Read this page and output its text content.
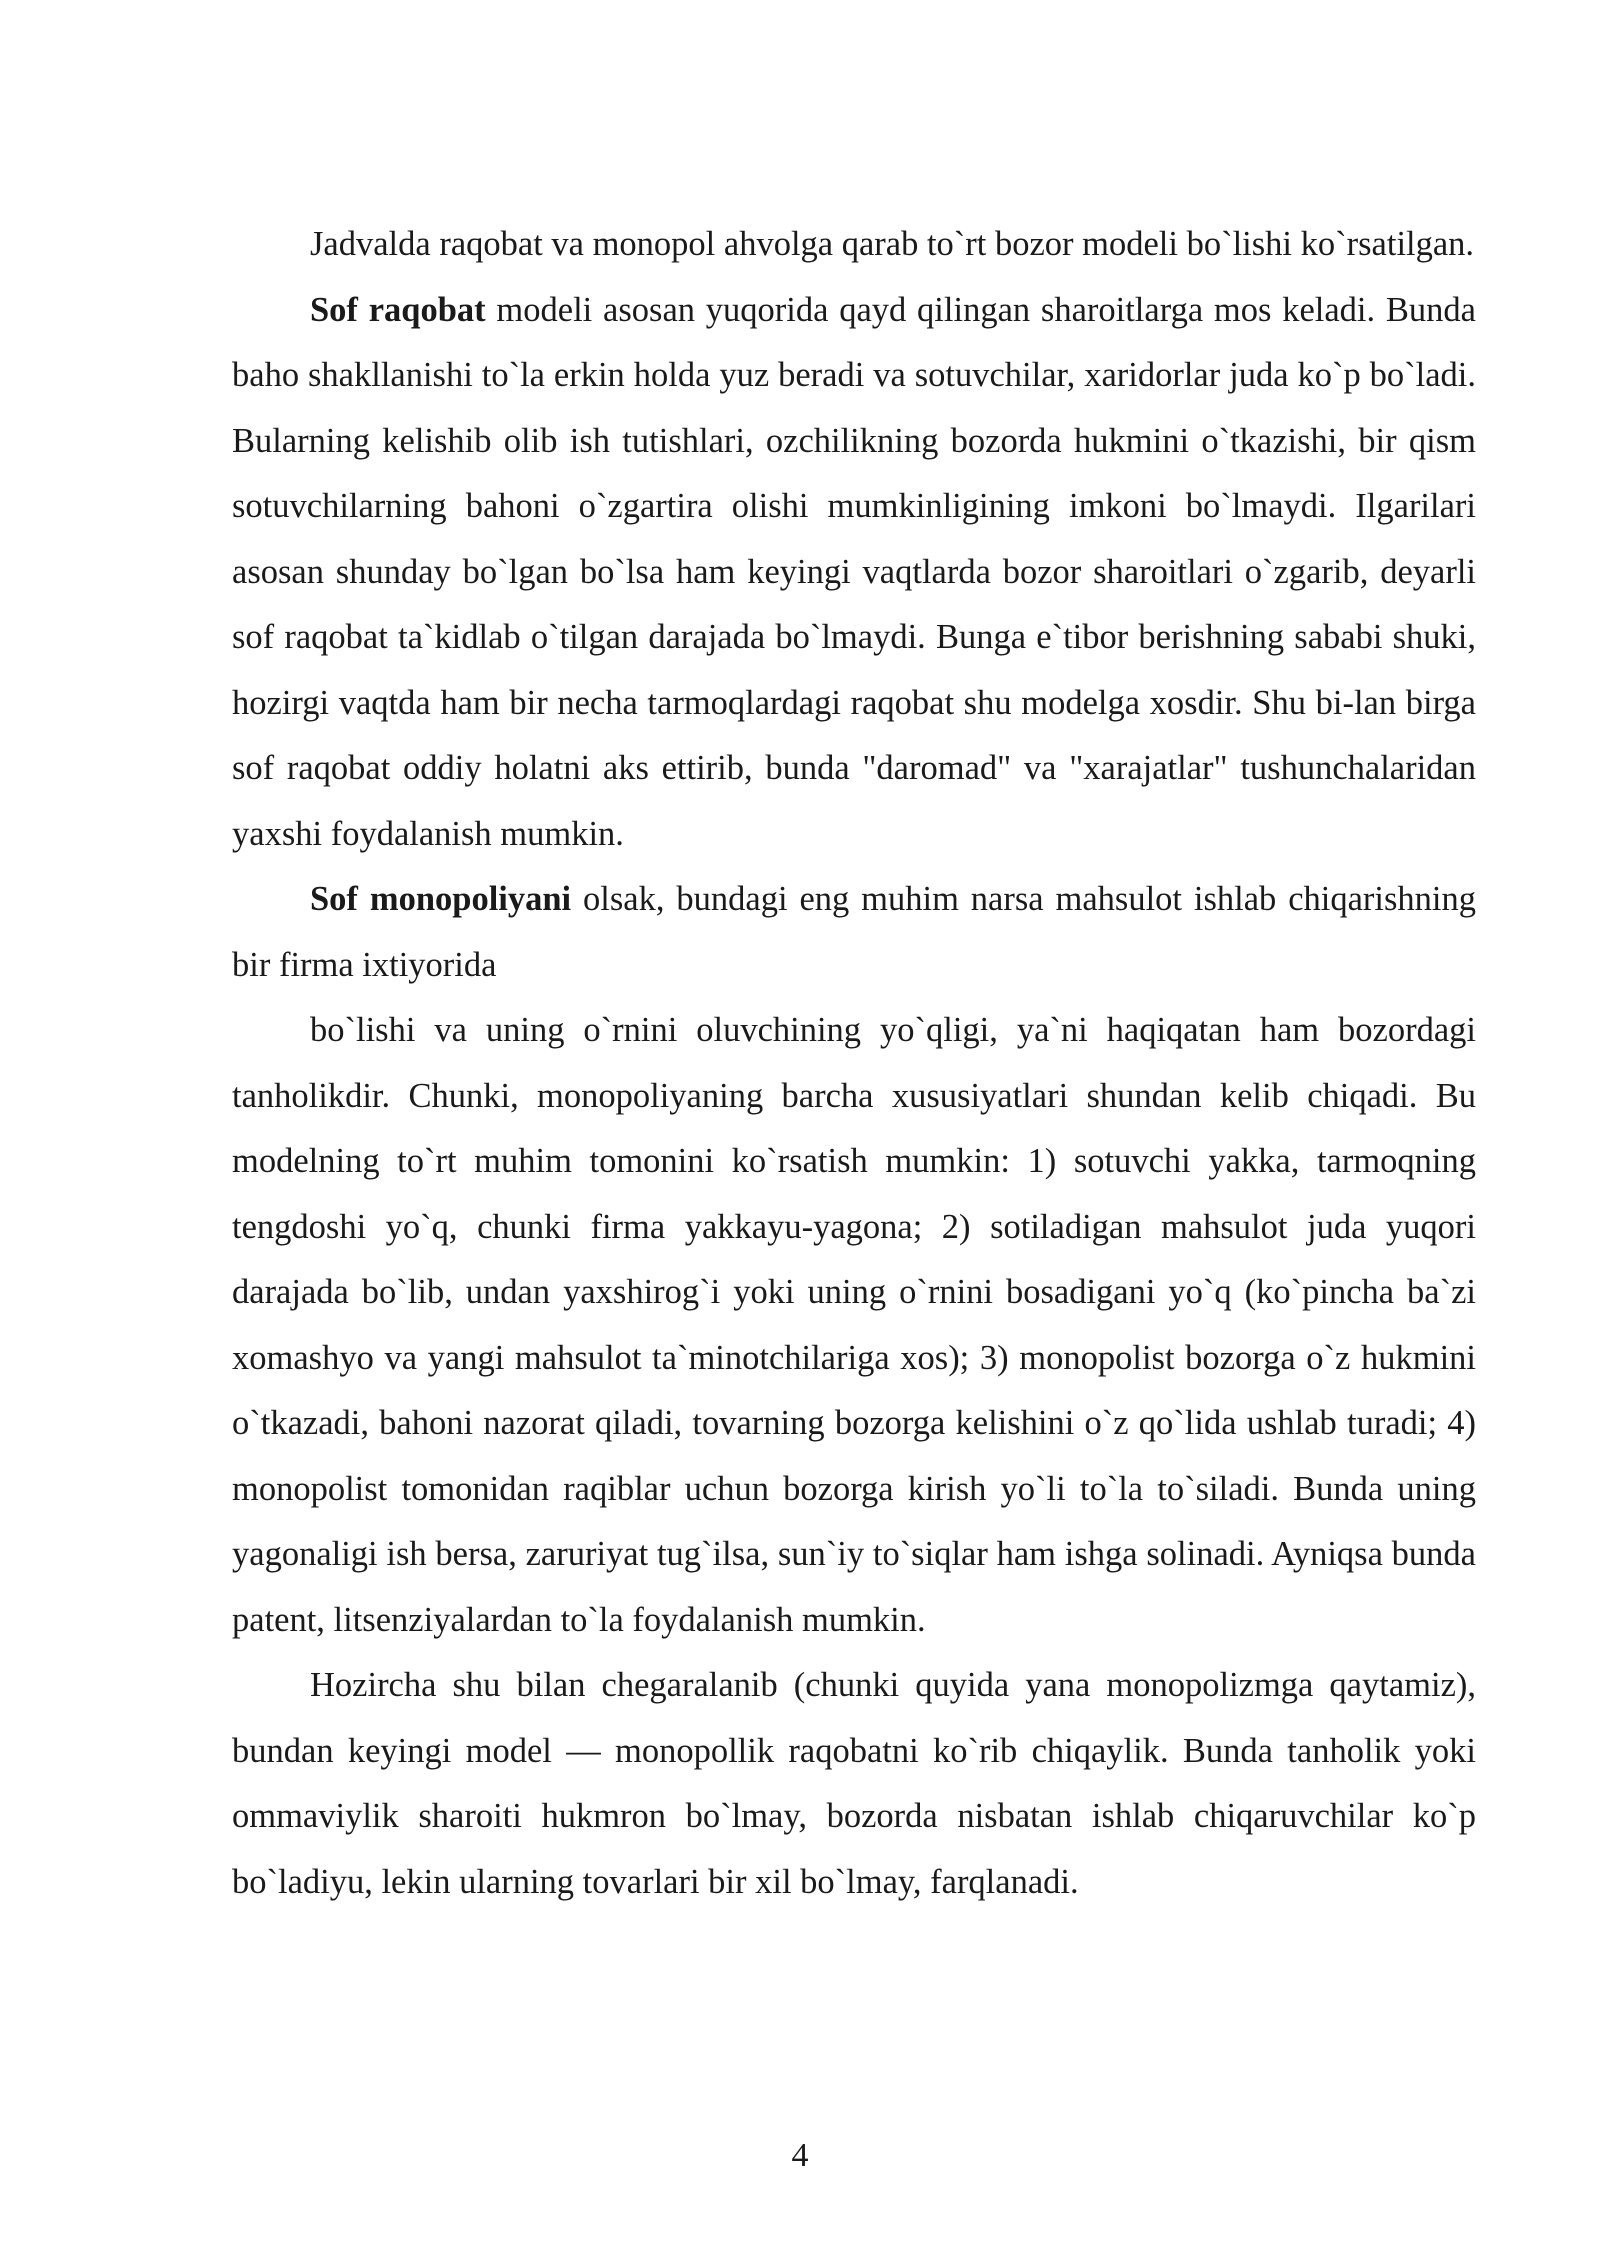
Jadvalda raqobat va monopol ahvolga qarab to`rt bozor modeli bo`lishi ko`rsatilgan.

Sof raqobat modeli asosan yuqorida qayd qilingan sharoitlarga mos keladi. Bunda baho shakllanishi to`la erkin holda yuz beradi va sotuvchilar, xaridorlar juda ko`p bo`ladi. Bularning kelishib olib ish tutishlari, ozchilikning bozorda hukmini o`tkazishi, bir qism sotuvchilarning bahoni o`zgartira olishi mumkinligining imkoni bo`lmaydi. Ilgarilari asosan shunday bo`lgan bo`lsa ham keyingi vaqtlarda bozor sharoitlari o`zgarib, deyarli sof raqobat ta`kidlab o`tilgan darajada bo`lmaydi. Bunga e`tibor berishning sababi shuki, hozirgi vaqtda ham bir necha tarmoqlardagi raqobat shu modelga xosdir. Shu bi-lan birga sof raqobat oddiy holatni aks ettirib, bunda "daromad" va "xarajatlar" tushunchalaridan yaxshi foydalanish mumkin.

Sof monopoliyani olsak, bundagi eng muhim narsa mahsulot ishlab chiqarishning bir firma ixtiyorida

bo`lishi va uning o`rnini oluvchining yo`qligi, ya`ni haqiqatan ham bozordagi tanholikdir. Chunki, monopoliyaning barcha xususiyatlari shundan kelib chiqadi. Bu modelning to`rt muhim tomonini ko`rsatish mumkin: 1) sotuvchi yakka, tarmoqning tengdoshi yo`q, chunki firma yakkayu-yagona; 2) sotiladigan mahsulot juda yuqori darajada bo`lib, undan yaxshirog`i yoki uning o`rnini bosadigani yo`q (ko`pincha ba`zi xomashyo va yangi mahsulot ta`minotchilariga xos); 3) monopolist bozorga o`z hukmini o`tkazadi, bahoni nazorat qiladi, tovarning bozorga kelishini o`z qo`lida ushlab turadi; 4) monopolist tomonidan raqiblar uchun bozorga kirish yo`li to`la to`siladi. Bunda uning yagonaligi ish bersa, zaruriyat tug`ilsa, sun`iy to`siqlar ham ishga solinadi. Ayniqsa bunda patent, litsenziyalardan to`la foydalanish mumkin.

Hozircha shu bilan chegaralanib (chunki quyida yana monopolizmga qaytamiz), bundan keyingi model — monopollik raqobatni ko`rib chiqaylik. Bunda tanholik yoki ommaviylik sharoiti hukmron bo`lmay, bozorda nisbatan ishlab chiqaruvchilar ko`p bo`ladiyu, lekin ularning tovarlari bir xil bo`lmay, farqlanadi.

4
